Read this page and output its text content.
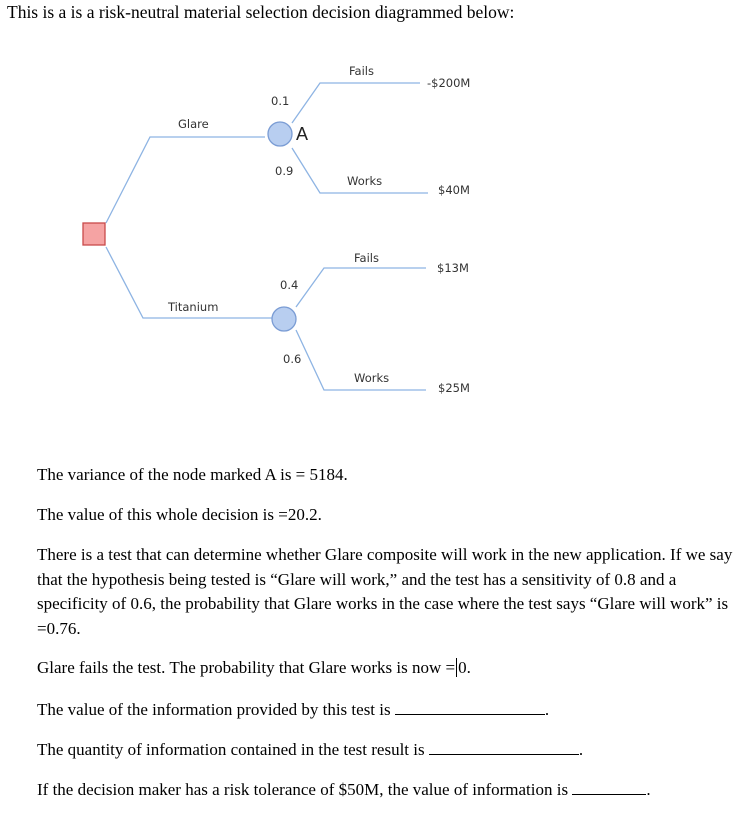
This is a is a risk-neutral material selection decision diagrammed below:
A
Glare
0.1
0.9
Fails
Works
-$200M
$40M
Titanium
0.4
0.6
Fails
Works
$13M
$25M
The variance of the node marked A is = 5184.
The value of this whole decision is =20.2.
There is a test that can determine whether Glare composite will work in the new application. If we say that the hypothesis being tested is “Glare will work,” and the test has a sensitivity of 0.8 and a specificity of 0.6, the probability that Glare works in the case where the test says “Glare will work” is =0.76.
Glare fails the test. The probability that Glare works is now = 0.
The value of the information provided by this test is	.
The quantity of information contained in the test result is	.
If the decision maker has a risk tolerance of $50M, the value of information is	.
